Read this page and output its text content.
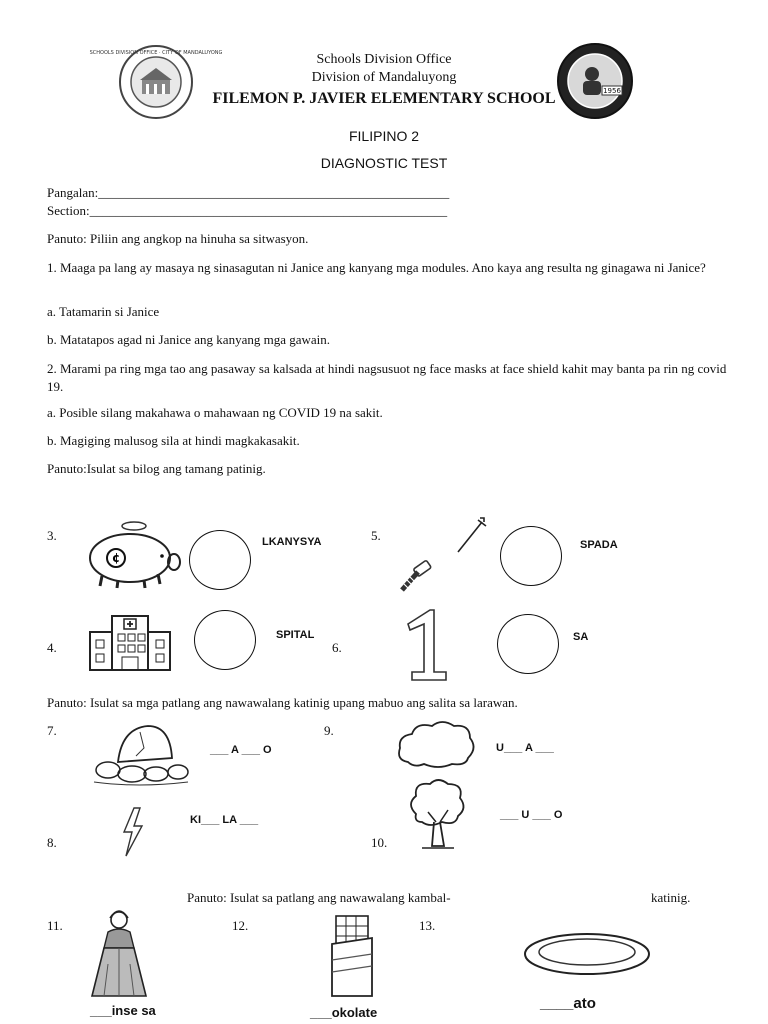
SCHOOLS DIVISION OFFICE · CITY OF MANDALUYONG
1956
Schools Division Office
Division of Mandaluyong
FILEMON P. JAVIER ELEMENTARY SCHOOL
FILIPINO 2
DIAGNOSTIC TEST
Pangalan:______________________________________________________
Section:_______________________________________________________
Panuto: Piliin ang angkop na hinuha sa sitwasyon.
1. Maaga pa lang ay masaya ng sinasagutan ni Janice ang kanyang mga modules. Ano kaya ang resulta ng ginagawa ni Janice?
a. Tatamarin si Janice
b. Matatapos agad ni Janice ang kanyang mga gawain.
2. Marami pa ring mga tao ang pasaway sa kalsada at hindi nagsusuot ng face masks at face shield kahit may banta pa rin ng covid 19.
a. Posible silang makahawa o mahawaan ng COVID 19 na sakit.
b. Magiging malusog sila at hindi magkakasakit.
Panuto:Isulat sa bilog ang tamang patinig.
3.
¢
LKANYSYA
4.
SPITAL
5.
SPADA
6.
SA
Panuto: Isulat sa mga patlang ang nawawalang katinig upang mabuo ang salita sa larawan.
7.
___ A ___ O
8.
KI___ LA ___
9.
U___ A ___
10.
___ U ___ O
Panuto: Isulat sa patlang ang nawawalang kambal-	katinig.
11.
___inse sa
12.
___okolate
13.
____ato
